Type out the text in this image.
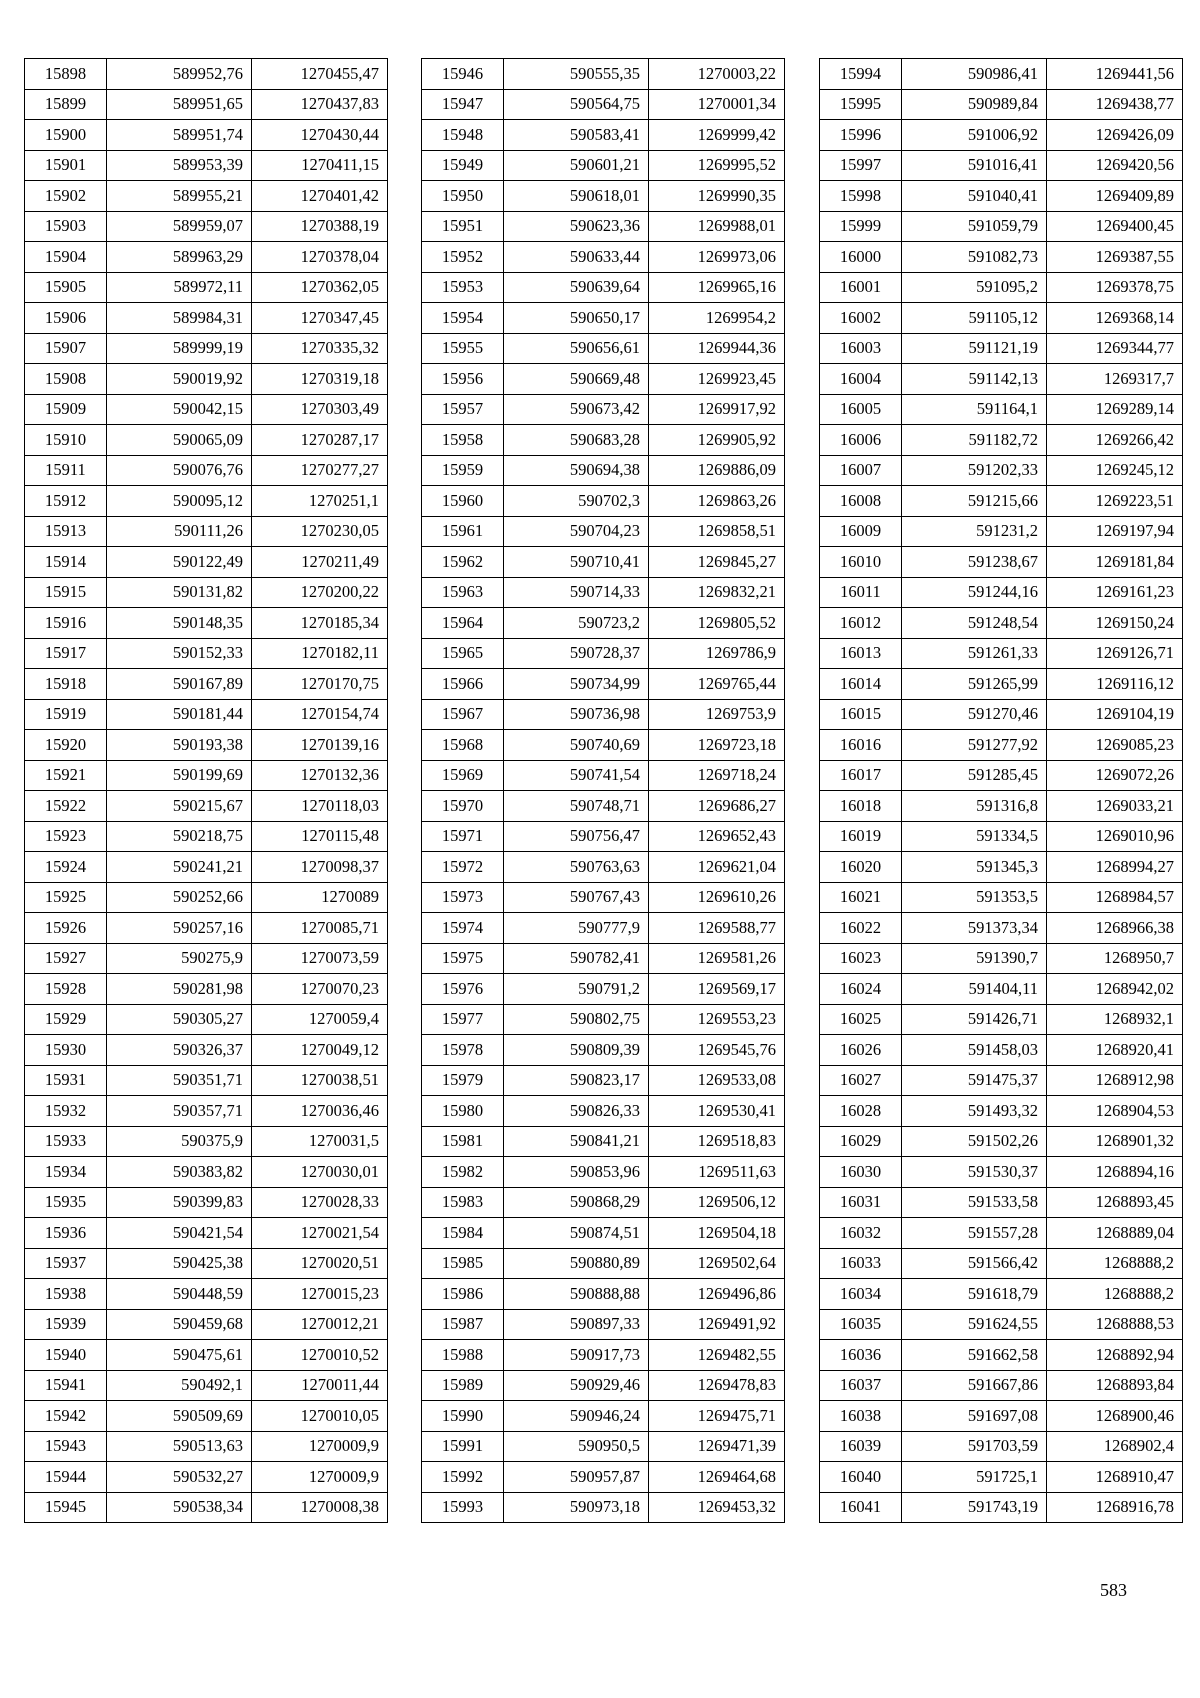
15898	589952,76	1270455,47
15899	589951,65	1270437,83
15900	589951,74	1270430,44
15901	589953,39	1270411,15
15902	589955,21	1270401,42
15903	589959,07	1270388,19
15904	589963,29	1270378,04
15905	589972,11	1270362,05
15906	589984,31	1270347,45
15907	589999,19	1270335,32
15908	590019,92	1270319,18
15909	590042,15	1270303,49
15910	590065,09	1270287,17
15911	590076,76	1270277,27
15912	590095,12	1270251,1
15913	590111,26	1270230,05
15914	590122,49	1270211,49
15915	590131,82	1270200,22
15916	590148,35	1270185,34
15917	590152,33	1270182,11
15918	590167,89	1270170,75
15919	590181,44	1270154,74
15920	590193,38	1270139,16
15921	590199,69	1270132,36
15922	590215,67	1270118,03
15923	590218,75	1270115,48
15924	590241,21	1270098,37
15925	590252,66	1270089
15926	590257,16	1270085,71
15927	590275,9	1270073,59
15928	590281,98	1270070,23
15929	590305,27	1270059,4
15930	590326,37	1270049,12
15931	590351,71	1270038,51
15932	590357,71	1270036,46
15933	590375,9	1270031,5
15934	590383,82	1270030,01
15935	590399,83	1270028,33
15936	590421,54	1270021,54
15937	590425,38	1270020,51
15938	590448,59	1270015,23
15939	590459,68	1270012,21
15940	590475,61	1270010,52
15941	590492,1	1270011,44
15942	590509,69	1270010,05
15943	590513,63	1270009,9
15944	590532,27	1270009,9
15945	590538,34	1270008,38
15946	590555,35	1270003,22
15947	590564,75	1270001,34
15948	590583,41	1269999,42
15949	590601,21	1269995,52
15950	590618,01	1269990,35
15951	590623,36	1269988,01
15952	590633,44	1269973,06
15953	590639,64	1269965,16
15954	590650,17	1269954,2
15955	590656,61	1269944,36
15956	590669,48	1269923,45
15957	590673,42	1269917,92
15958	590683,28	1269905,92
15959	590694,38	1269886,09
15960	590702,3	1269863,26
15961	590704,23	1269858,51
15962	590710,41	1269845,27
15963	590714,33	1269832,21
15964	590723,2	1269805,52
15965	590728,37	1269786,9
15966	590734,99	1269765,44
15967	590736,98	1269753,9
15968	590740,69	1269723,18
15969	590741,54	1269718,24
15970	590748,71	1269686,27
15971	590756,47	1269652,43
15972	590763,63	1269621,04
15973	590767,43	1269610,26
15974	590777,9	1269588,77
15975	590782,41	1269581,26
15976	590791,2	1269569,17
15977	590802,75	1269553,23
15978	590809,39	1269545,76
15979	590823,17	1269533,08
15980	590826,33	1269530,41
15981	590841,21	1269518,83
15982	590853,96	1269511,63
15983	590868,29	1269506,12
15984	590874,51	1269504,18
15985	590880,89	1269502,64
15986	590888,88	1269496,86
15987	590897,33	1269491,92
15988	590917,73	1269482,55
15989	590929,46	1269478,83
15990	590946,24	1269475,71
15991	590950,5	1269471,39
15992	590957,87	1269464,68
15993	590973,18	1269453,32
15994	590986,41	1269441,56
15995	590989,84	1269438,77
15996	591006,92	1269426,09
15997	591016,41	1269420,56
15998	591040,41	1269409,89
15999	591059,79	1269400,45
16000	591082,73	1269387,55
16001	591095,2	1269378,75
16002	591105,12	1269368,14
16003	591121,19	1269344,77
16004	591142,13	1269317,7
16005	591164,1	1269289,14
16006	591182,72	1269266,42
16007	591202,33	1269245,12
16008	591215,66	1269223,51
16009	591231,2	1269197,94
16010	591238,67	1269181,84
16011	591244,16	1269161,23
16012	591248,54	1269150,24
16013	591261,33	1269126,71
16014	591265,99	1269116,12
16015	591270,46	1269104,19
16016	591277,92	1269085,23
16017	591285,45	1269072,26
16018	591316,8	1269033,21
16019	591334,5	1269010,96
16020	591345,3	1268994,27
16021	591353,5	1268984,57
16022	591373,34	1268966,38
16023	591390,7	1268950,7
16024	591404,11	1268942,02
16025	591426,71	1268932,1
16026	591458,03	1268920,41
16027	591475,37	1268912,98
16028	591493,32	1268904,53
16029	591502,26	1268901,32
16030	591530,37	1268894,16
16031	591533,58	1268893,45
16032	591557,28	1268889,04
16033	591566,42	1268888,2
16034	591618,79	1268888,2
16035	591624,55	1268888,53
16036	591662,58	1268892,94
16037	591667,86	1268893,84
16038	591697,08	1268900,46
16039	591703,59	1268902,4
16040	591725,1	1268910,47
16041	591743,19	1268916,78
583
